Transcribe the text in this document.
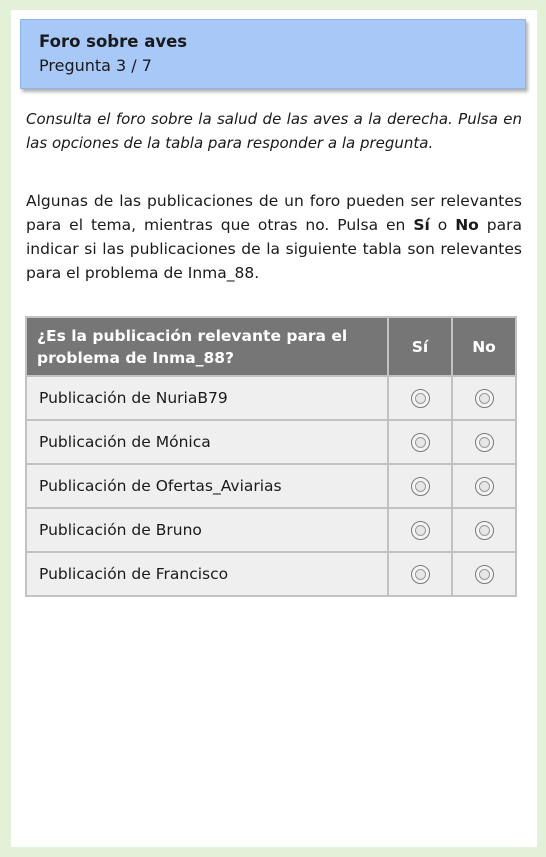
Foro sobre aves
Pregunta 3 / 7

Consulta el foro sobre la salud de las aves a la derecha. Pulsa en las opciones de la tabla para responder a la pregunta.

Algunas de las publicaciones de un foro pueden ser relevantes para el tema, mientras que otras no. Pulsa en Sí o No para indicar si las publicaciones de la siguiente tabla son relevantes para el problema de Inma_88.

¿Es la publicación relevante para el problema de Inma_88?	Sí	No
Publicación de NuriaB79		
Publicación de Mónica		
Publicación de Ofertas_Aviarias		
Publicación de Bruno		
Publicación de Francisco		
